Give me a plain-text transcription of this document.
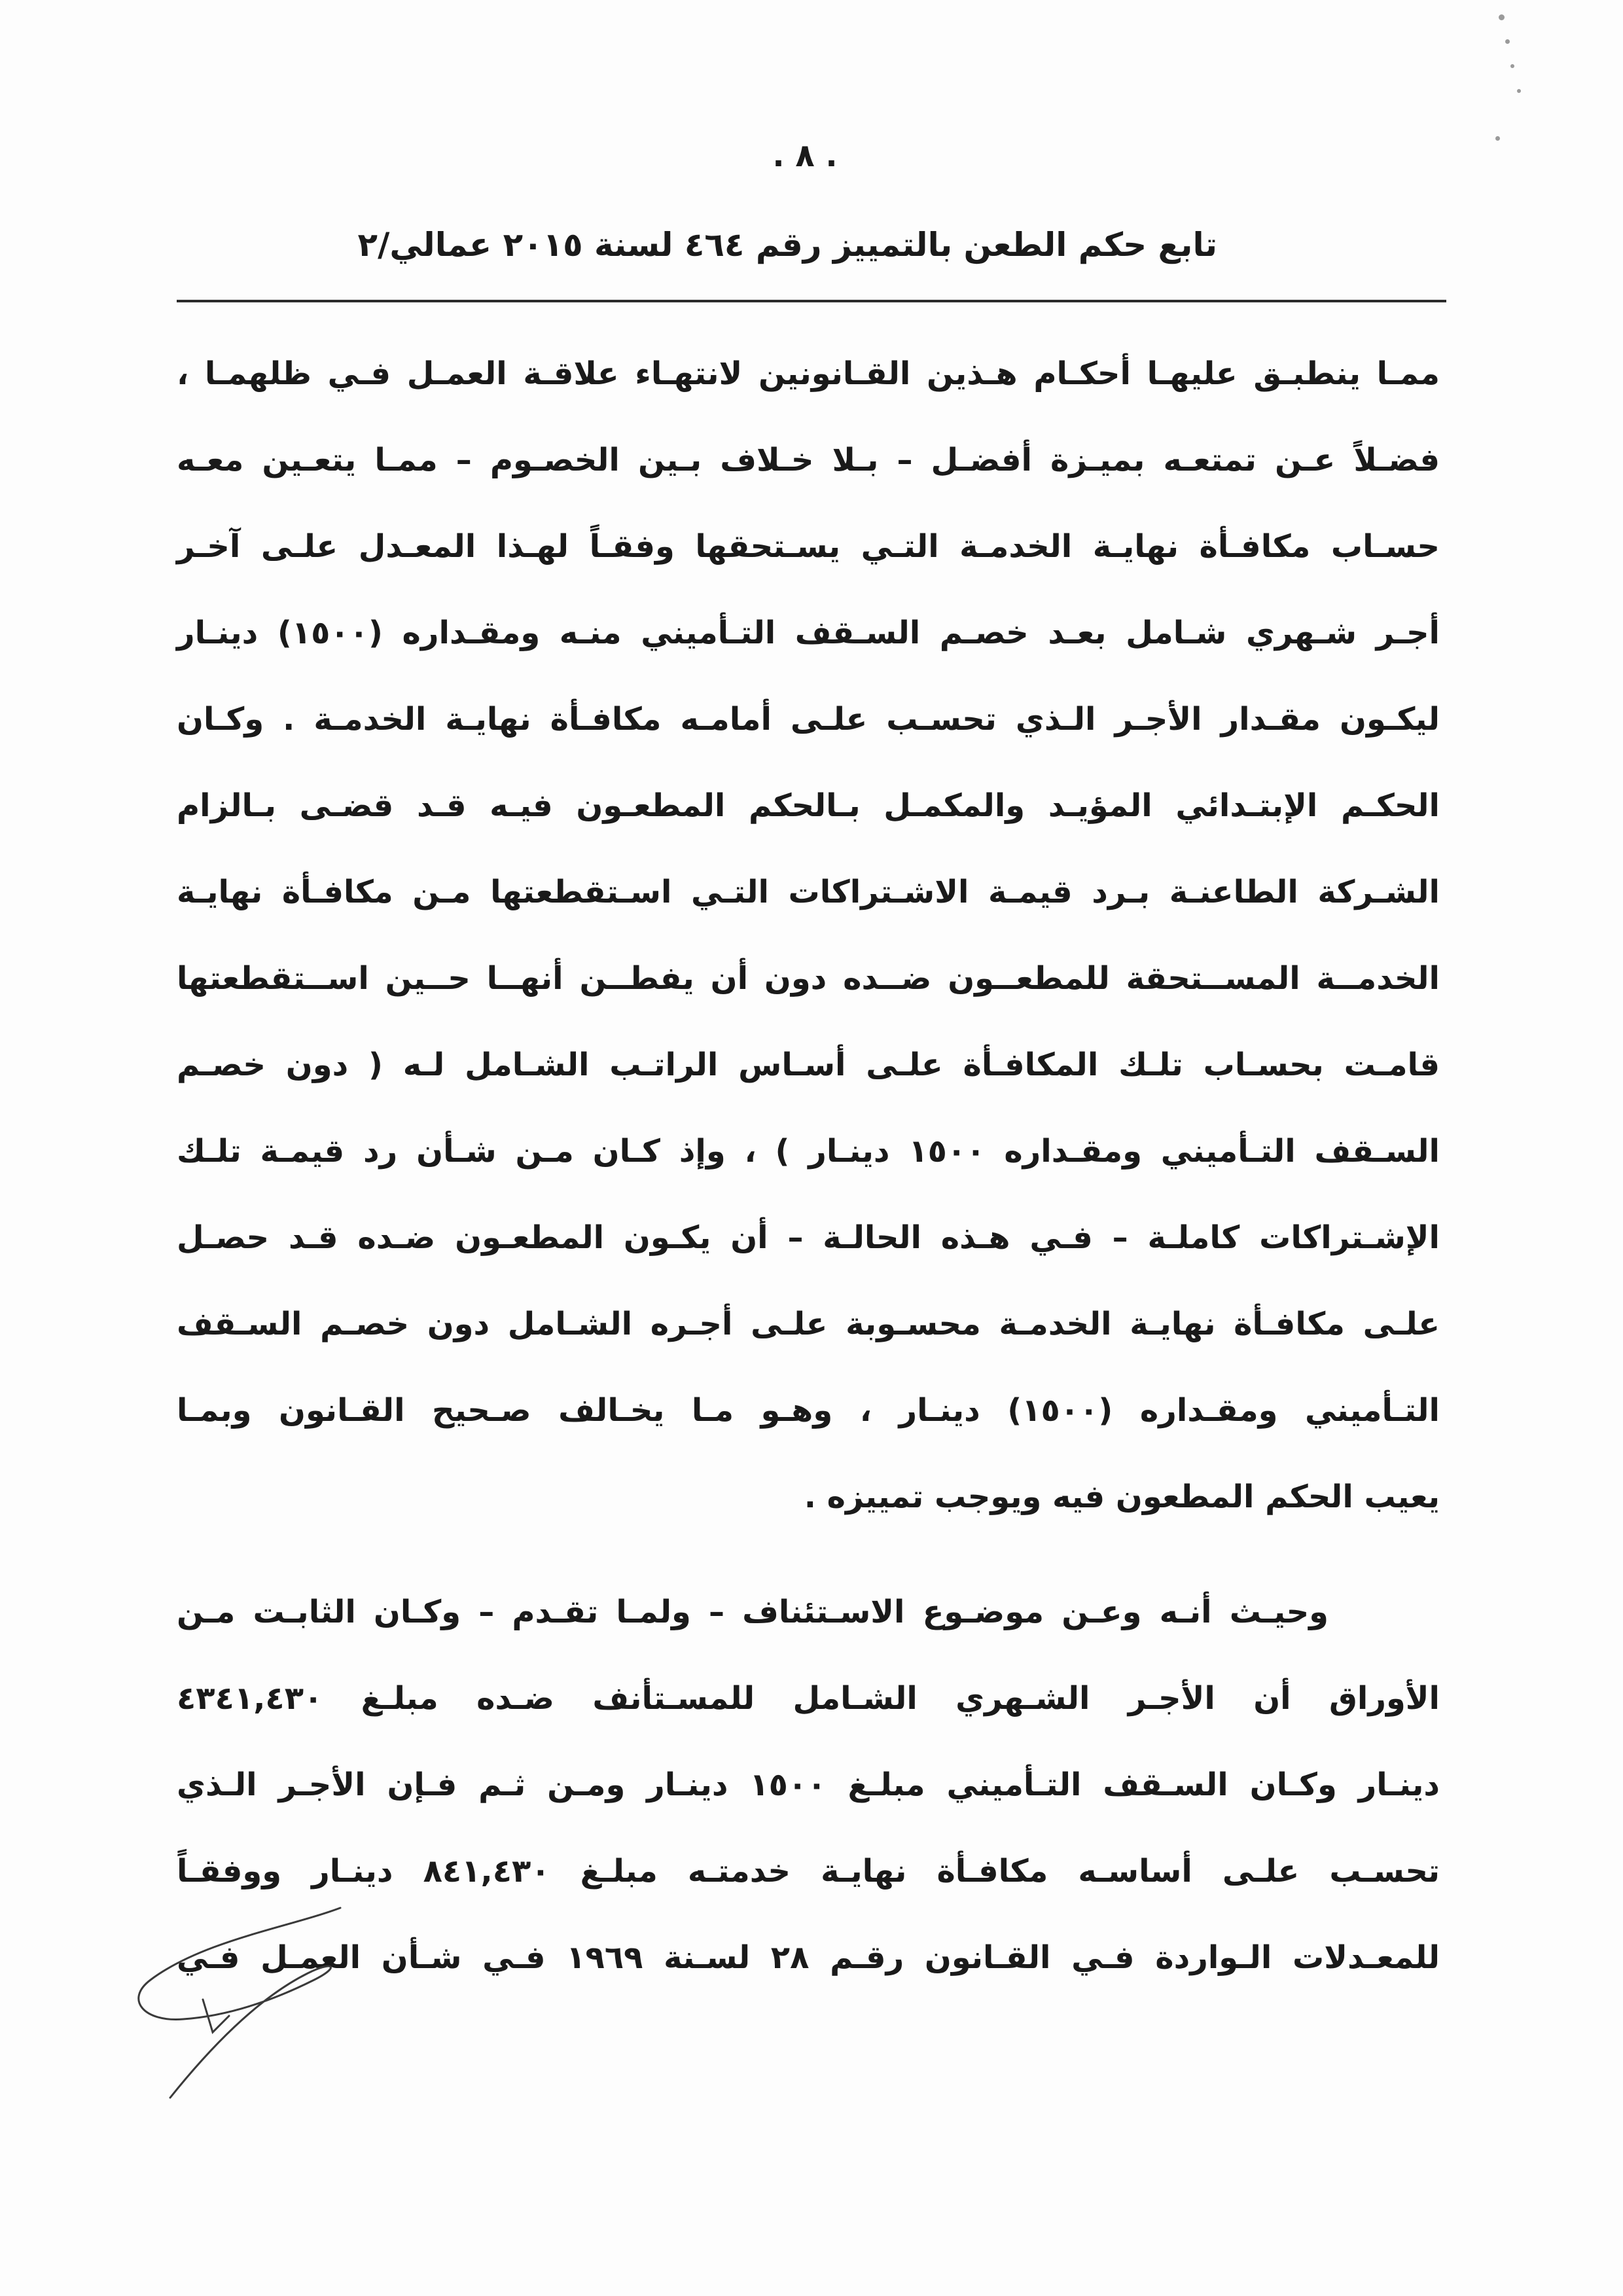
. ٨ .
تابع حكم الطعن بالتمييز رقم ٤٦٤ لسنة ٢٠١٥ عمالي/٢
ممـا ينطبـق عليهـا أحكـام هـذين القـانونين لانتهـاء علاقـة العمـل فـي ظلهمـا ،
فضـلاً عـن تمتعـه بميـزة أفضـل – بـلا خـلاف بـين الخصـوم – ممـا يتعـين معـه
حسـاب مكافـأة نهايـة الخدمـة التـي يسـتحقها وفقـاً لهـذا المعـدل علـى آخـر
أجـر شـهري شـامل بعـد خصـم السـقف التـأميني منـه ومقـداره (١٥٠٠) دينـار
ليكـون مقـدار الأجـر الـذي تحسـب علـى أمامـه مكافـأة نهايـة الخدمـة . وكـان
الحكـم الإبتـدائي المؤيـد والمكمـل بـالحكم المطعـون فيـه قـد قضـى بـالزام
الشـركة الطاعنـة بـرد قيمـة الاشـتراكات التـي اسـتقطعتها مـن مكافـأة نهايـة
الخدمــة المســتحقة للمطعــون ضــده دون أن يفطــن أنهــا حــين اســتقطعتها
قامـت بحسـاب تلـك المكافـأة علـى أسـاس الراتـب الشـامل لـه ( دون خصـم
السـقف التـأميني ومقـداره ١٥٠٠ دينـار ) ، وإذ كـان مـن شـأن رد قيمـة تلـك
الإشـتراكات كاملـة – فـي هـذه الحالـة – أن يكـون المطعـون ضـده قـد حصـل
علـى مكافـأة نهايـة الخدمـة محسـوبة علـى أجـره الشـامل دون خصـم السـقف
التـأميني ومقـداره (١٥٠٠) دينـار ، وهـو مـا يخـالف صـحيح القـانون وبمـا
يعيب الحكم المطعون فيه ويوجب تمييزه .
وحيـث أنـه وعـن موضـوع الاسـتئناف – ولمـا تقـدم – وكـان الثابـت مـن
الأوراق أن الأجـر الشـهري الشـامل للمسـتأنف ضـده مبلـغ ٤٣٤١,٤٣٠
دينـار وكـان السـقف التـأميني مبلـغ ١٥٠٠ دينـار ومـن ثـم فـإن الأجـر الـذي
تحسـب علـى أساسـه مكافـأة نهايـة خدمتـه مبلـغ ٨٤١,٤٣٠ دينـار ووفقـاً
للمعـدلات الـواردة فـي القـانون رقـم ٢٨ لسـنة ١٩٦٩ فـي شـأن العمـل فـي
